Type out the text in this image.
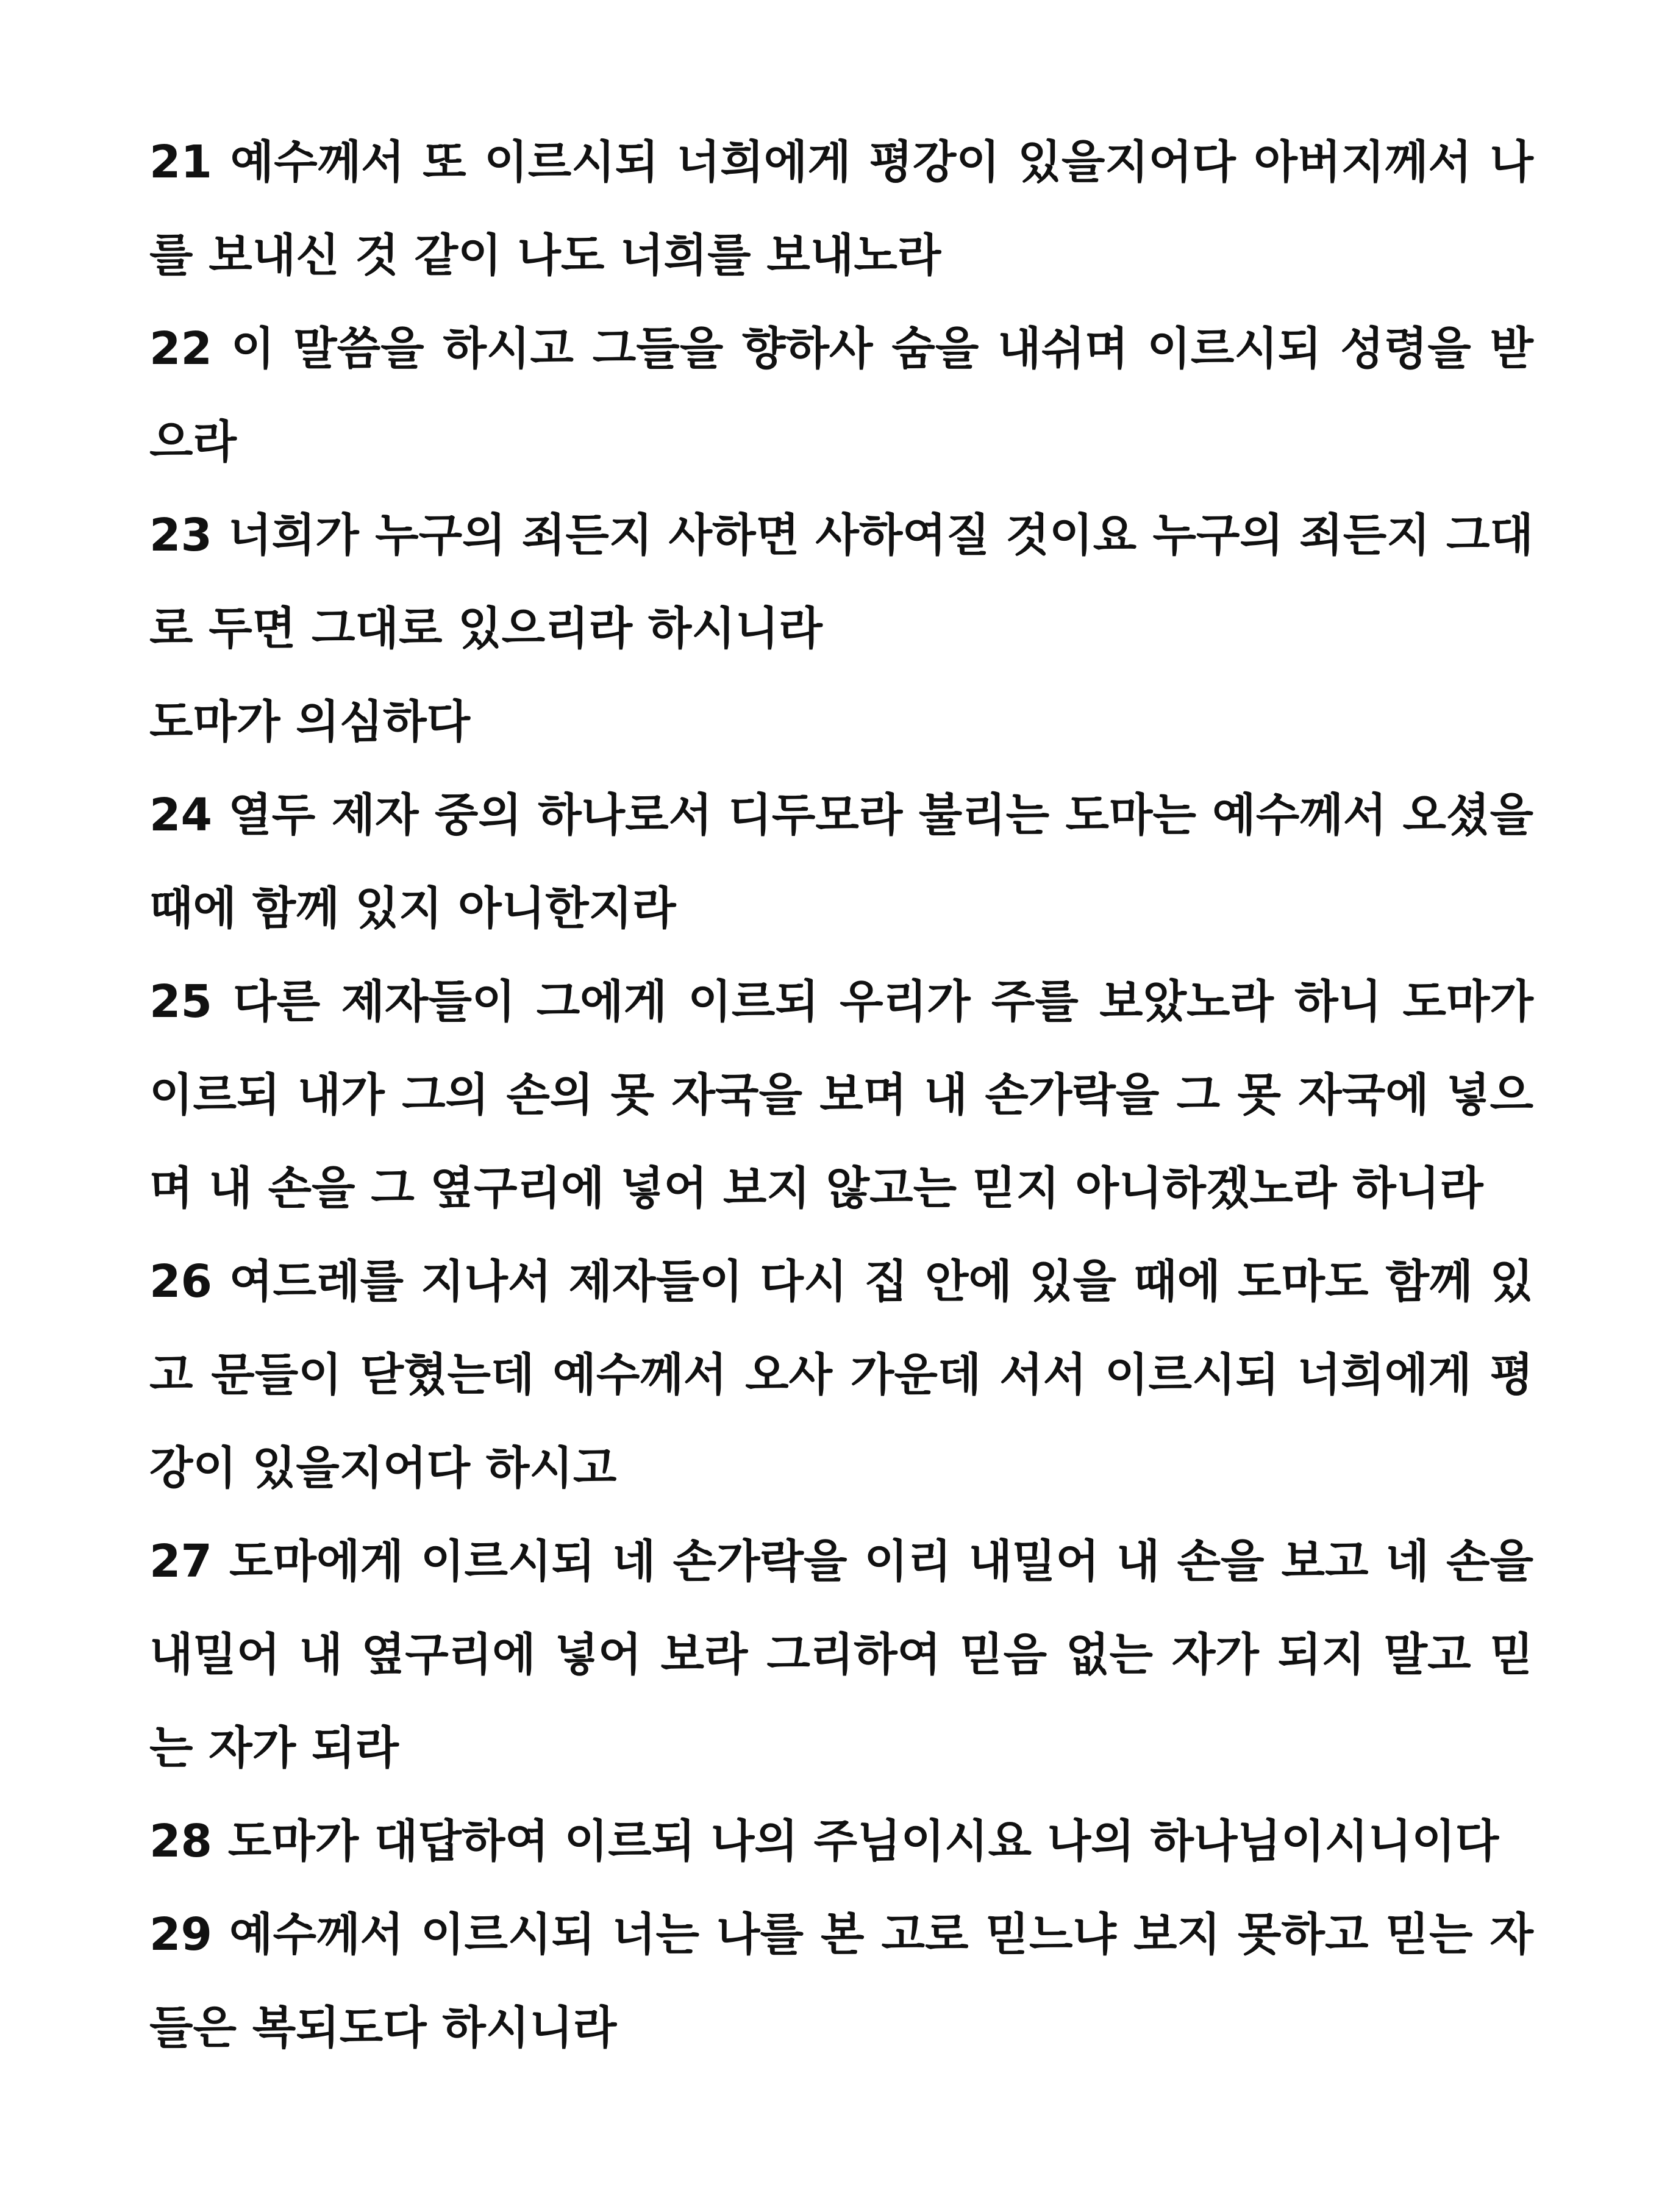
21 예수께서 또 이르시되 너희에게 평강이 있을지어다 아버지께서 나를 보내신 것 같이 나도 너희를 보내노라

22 이 말씀을 하시고 그들을 향하사 숨을 내쉬며 이르시되 성령을 받으라

23 너희가 누구의 죄든지 사하면 사하여질 것이요 누구의 죄든지 그대로 두면 그대로 있으리라 하시니라

도마가 의심하다

24 열두 제자 중의 하나로서 디두모라 불리는 도마는 예수께서 오셨을 때에 함께 있지 아니한지라

25 다른 제자들이 그에게 이르되 우리가 주를 보았노라 하니 도마가 이르되 내가 그의 손의 못 자국을 보며 내 손가락을 그 못 자국에 넣으며 내 손을 그 옆구리에 넣어 보지 않고는 믿지 아니하겠노라 하니라

26 여드레를 지나서 제자들이 다시 집 안에 있을 때에 도마도 함께 있고 문들이 닫혔는데 예수께서 오사 가운데 서서 이르시되 너희에게 평강이 있을지어다 하시고

27 도마에게 이르시되 네 손가락을 이리 내밀어 내 손을 보고 네 손을 내밀어 내 옆구리에 넣어 보라 그리하여 믿음 없는 자가 되지 말고 믿는 자가 되라

28 도마가 대답하여 이르되 나의 주님이시요 나의 하나님이시니이다

29 예수께서 이르시되 너는 나를 본 고로 믿느냐 보지 못하고 믿는 자들은 복되도다 하시니라
